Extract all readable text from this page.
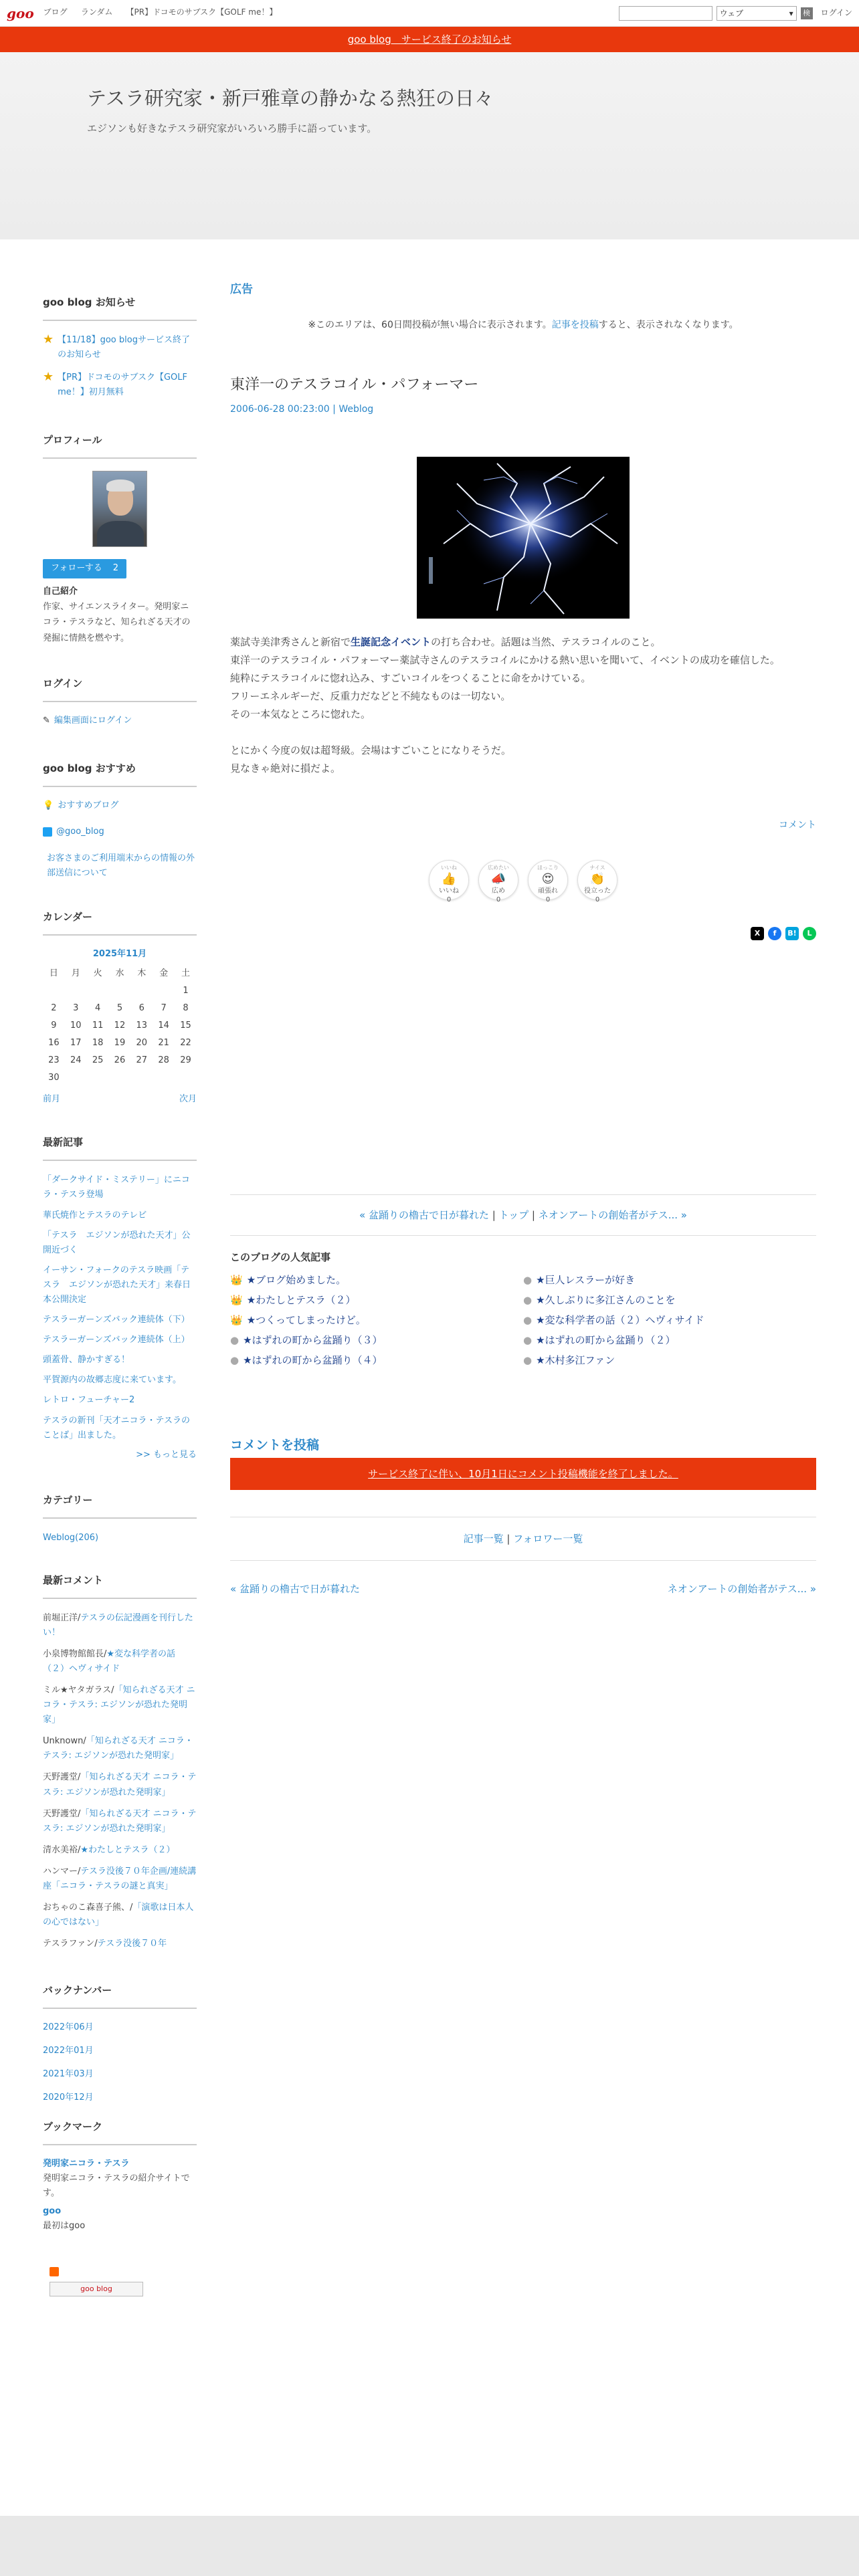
goo ブログ ランダム 【PR】ドコモのサブスク【GOLF me！】	ウェブ	▾	検 ログイン
goo blog　サービス終了のお知らせ
テスラ研究家・新戸雅章の静かなる熱狂の日々

エジソンも好きなテスラ研究家がいろいろ勝手に語っています。

goo blog お知らせ
★ 【11/18】goo blogサービス終了のお知らせ
★ 【PR】ドコモのサブスク【GOLF me！】初月無料
プロフィール
フォローする 2
自己紹介
作家、サイエンスライター。発明家ニコラ・テスラなど、知られざる天才の発掘に情熱を燃やす。
ログイン
✎ 編集画面にログイン
goo blog おすすめ
💡 おすすめブログ
@goo_blog
お客さまのご利用端末からの情報の外部送信について
カレンダー
2025年11月
日	月	火	水	木	金	土
						1
2	3	4	5	6	7	8
9	10	11	12	13	14	15
16	17	18	19	20	21	22
23	24	25	26	27	28	29
30						
前月	次月
最新記事
「ダークサイド・ミステリー」にニコラ・テスラ登場
華氏焼作とテスラのテレビ
「テスラ　エジソンが恐れた天才」公開近づく
イーサン・フォークのテスラ映画「テスラ　エジソンが恐れた天才」来春日本公開決定
テスラーガーンズバック連続体（下）
テスラーガーンズバック連続体（上）
頭蓋骨、静かすぎる！
平賀源内の故郷志度に来ています。
レトロ・フューチャー2
テスラの新刊「天才ニコラ・テスラのことば」出ました。
>> もっと見る
カテゴリー
Weblog(206)
最新コメント
前堀正洋/テスラの伝記漫画を刊行したい！
小泉博物館館長/★変な科学者の話（２）ヘヴィサイド
ミル★ヤタガラス/「知られざる天才 ニコラ・テスラ: エジソンが恐れた発明家」
Unknown/「知られざる天才 ニコラ・テスラ: エジソンが恐れた発明家」
天野護堂/「知られざる天才 ニコラ・テスラ: エジソンが恐れた発明家」
天野護堂/「知られざる天才 ニコラ・テスラ: エジソンが恐れた発明家」
清水美裕/★わたしとテスラ（２）
ハンマー/テスラ没後７０年企画/連続講座「ニコラ・テスラの謎と真実」
おちゃのこ森喜子熊、/「演歌は日本人の心ではない」
テスラファン/テスラ没後７０年
バックナンバー
2022年06月
2022年01月
2021年03月
2020年12月
ブックマーク
発明家ニコラ・テスラ
発明家ニコラ・テスラの紹介サイトです。
goo
最初はgoo
goo blog
広告
※このエリアは、60日間投稿が無い場合に表示されます。記事を投稿すると、表示されなくなります。
東洋一のテスラコイル・パフォーマー
2006-06-28 00:23:00 | Weblog
薬試寺美津秀さんと新宿で生誕記念イベントの打ち合わせ。話題は当然、テスラコイルのこと。
東洋一のテスラコイル・パフォーマー薬試寺さんのテスラコイルにかける熱い思いを聞いて、イベントの成功を確信した。
純粋にテスラコイルに惚れ込み、すごいコイルをつくることに命をかけている。
フリーエネルギーだ、反重力だなどと不純なものは一切ない。
その一本気なところに惚れた。
とにかく今度の奴は超弩級。会場はすごいことになりそうだ。
見なきゃ絶対に損だよ。
コメント
いいね
👍
いいね
0
広めたい
📣
広め
0
ほっこり
😍
頑張れ
0
ナイス
👏
役立った
0
X	f	B!	L
« 盆踊りの櫓古で日が暮れた | トップ | ネオンアートの創始者がテス... »
このブログの人気記事
👑 ★ブログ始めました。	● ★巨人レスラーが好き
👑 ★わたしとテスラ（２）	● ★久しぶりに多江さんのことを
👑 ★つくってしまったけど。	● ★変な科学者の話（２）ヘヴィサイド
● ★はずれの町から盆踊り（３）	● ★はずれの町から盆踊り（２）
● ★はずれの町から盆踊り（４）	● ★木村多江ファン
コメントを投稿
サービス終了に伴い、10月1日にコメント投稿機能を終了しました。
記事一覧 | フォロワー一覧
« 盆踊りの櫓古で日が暮れた	ネオンアートの創始者がテス... »
